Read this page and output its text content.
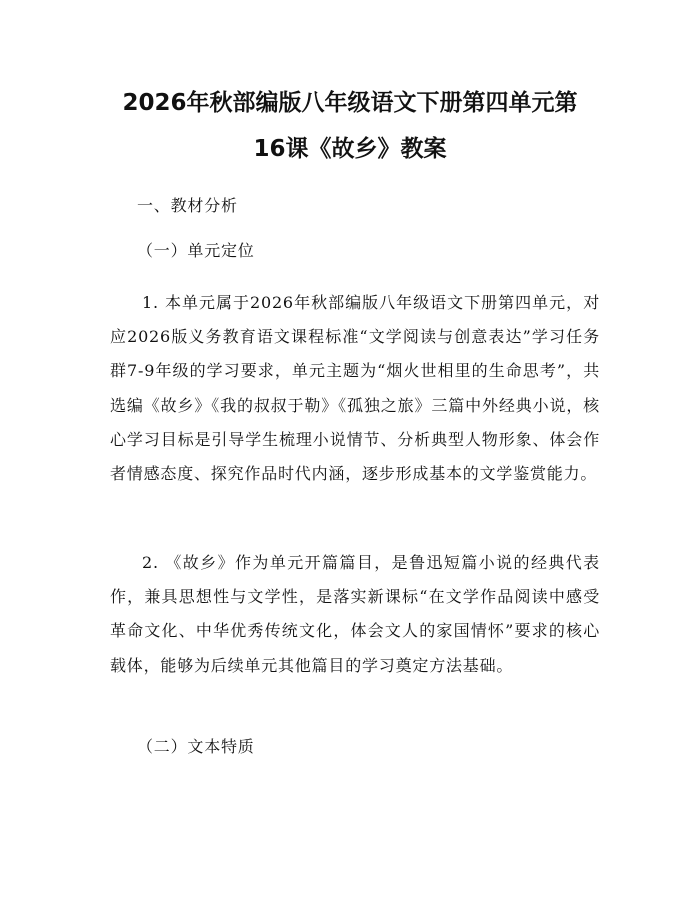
2026年秋部编版八年级语文下册第四单元第
16课《故乡》教案

一、教材分析

（一）单元定位

1. 本单元属于2026年秋部编版八年级语文下册第四单元，对应2026版义务教育语文课程标准“文学阅读与创意表达”学习任务群7-9年级的学习要求，单元主题为“烟火世相里的生命思考”，共选编《故乡》《我的叔叔于勒》《孤独之旅》三篇中外经典小说，核心学习目标是引导学生梳理小说情节、分析典型人物形象、体会作者情感态度、探究作品时代内涵，逐步形成基本的文学鉴赏能力。

2. 《故乡》作为单元开篇篇目，是鲁迅短篇小说的经典代表作，兼具思想性与文学性，是落实新课标“在文学作品阅读中感受革命文化、中华优秀传统文化，体会文人的家国情怀”要求的核心载体，能够为后续单元其他篇目的学习奠定方法基础。

（二）文本特质
